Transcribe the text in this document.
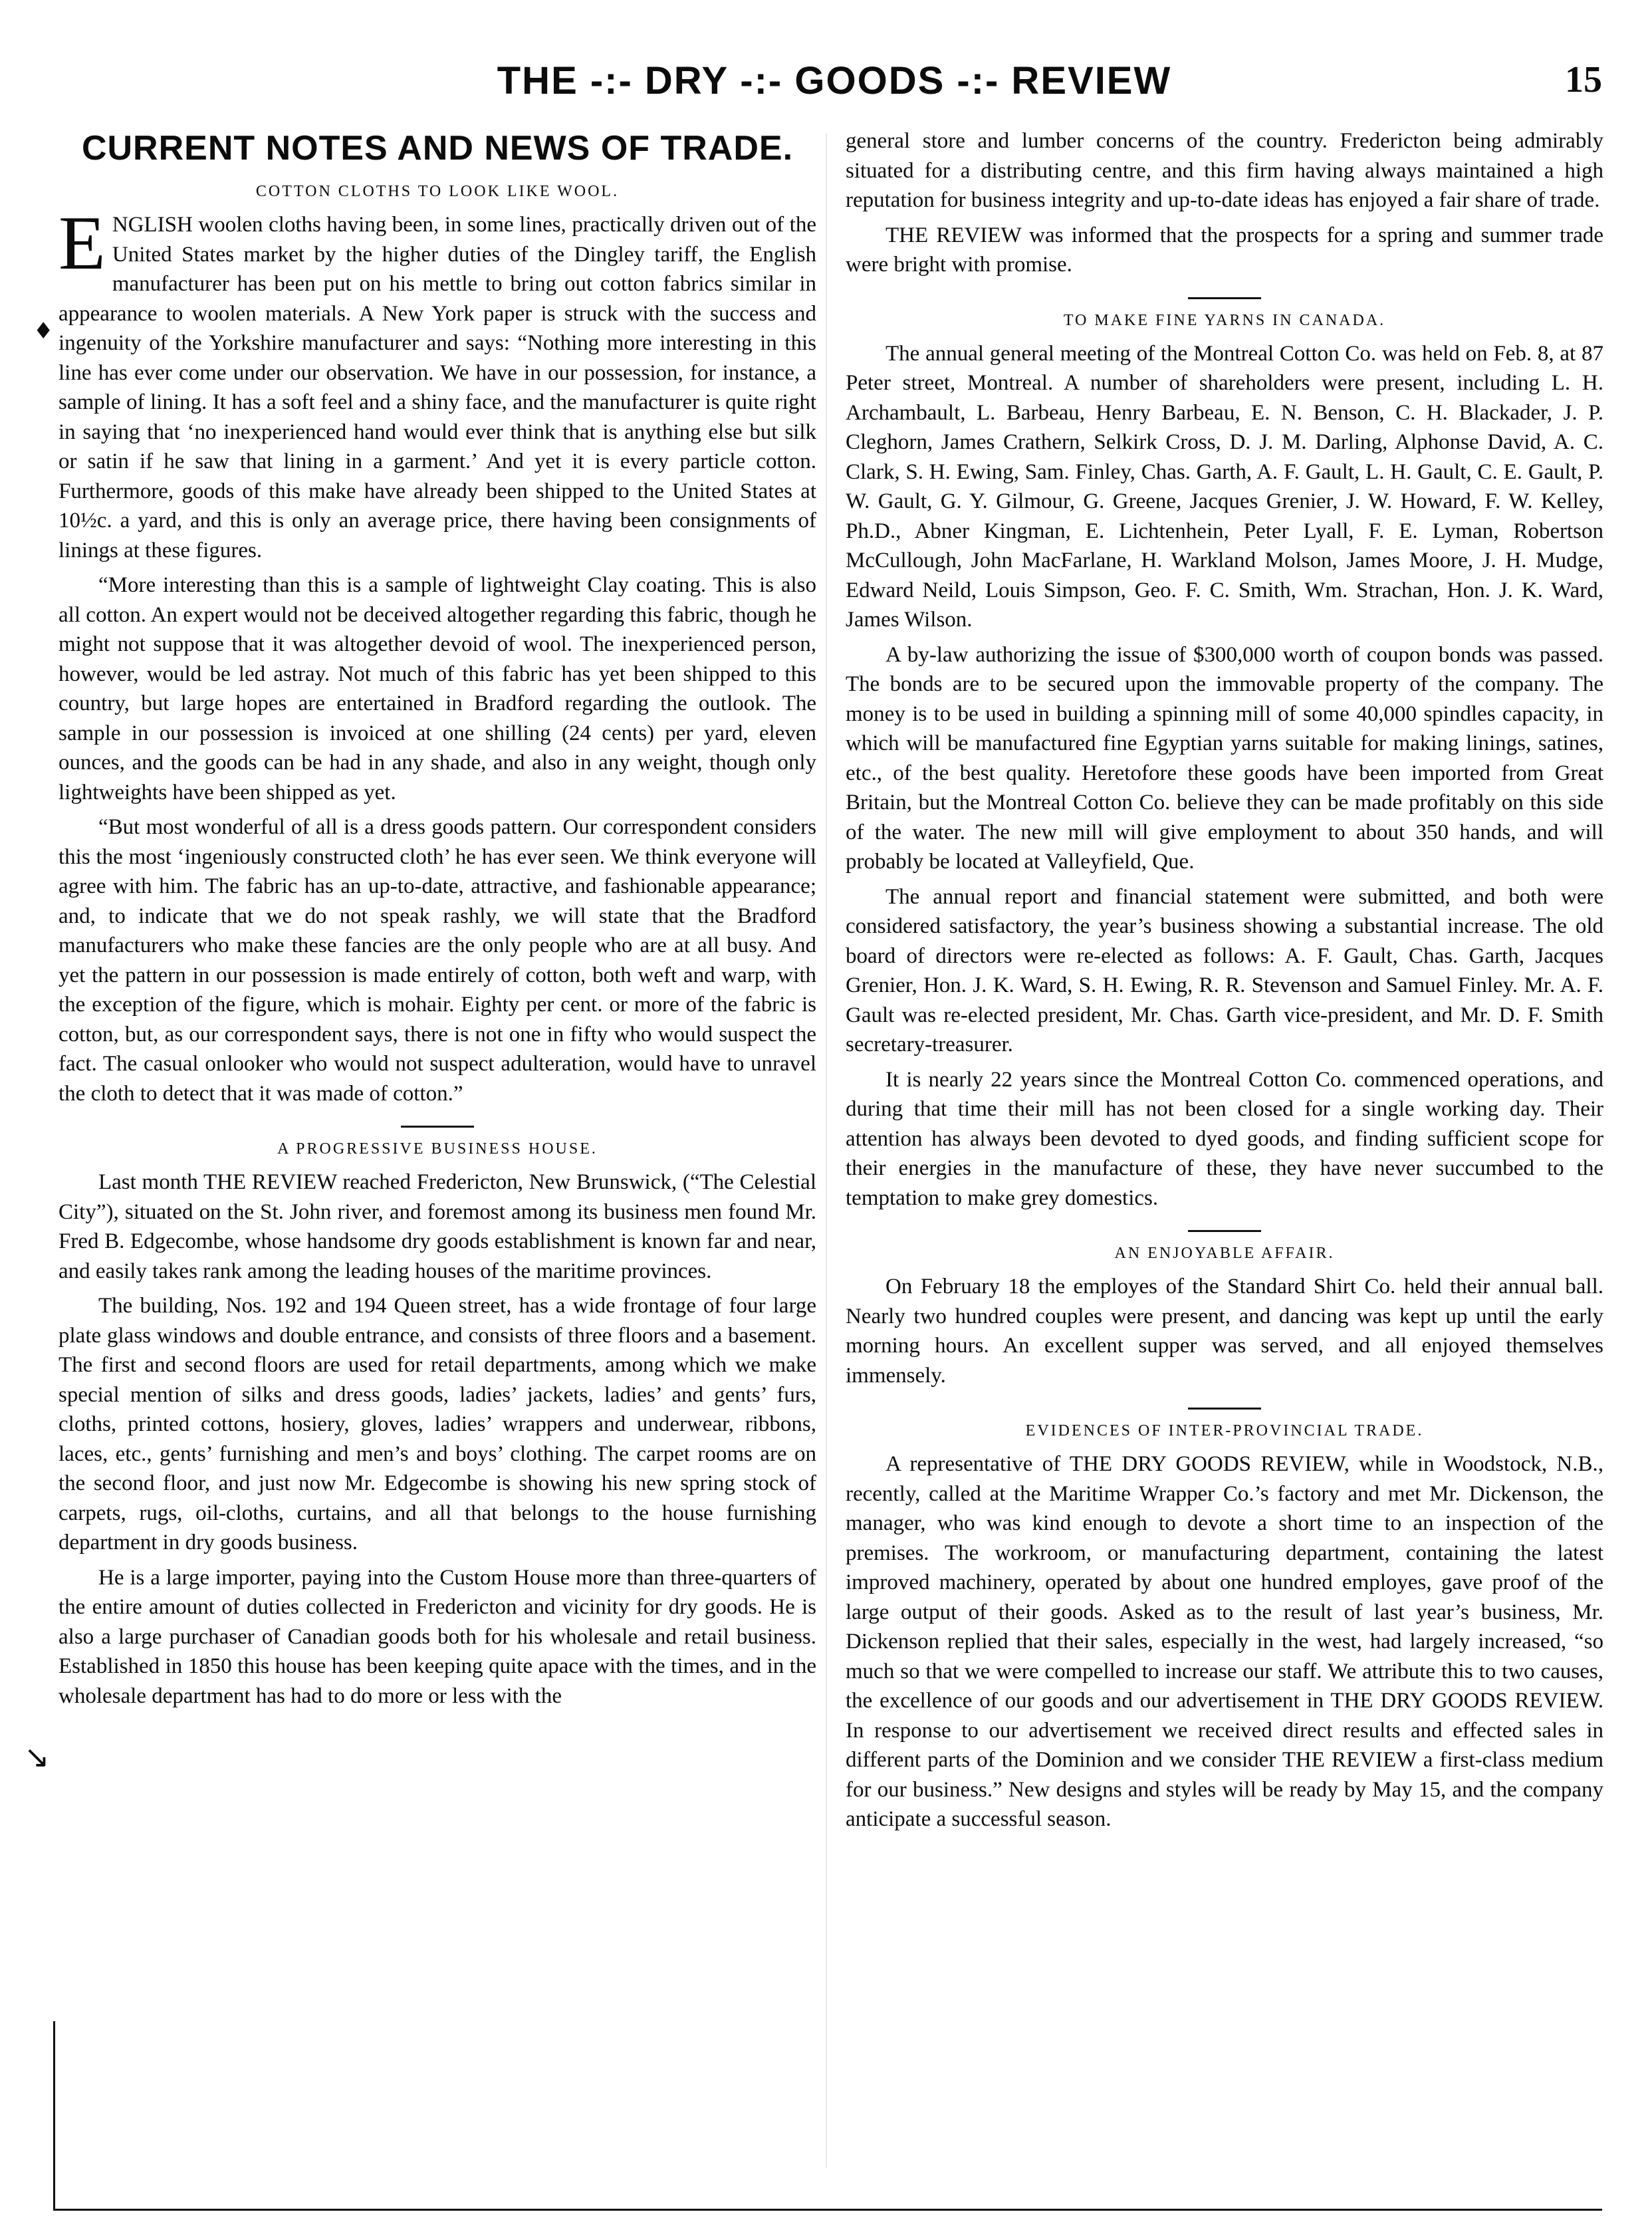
THE -:- DRY -:- GOODS -:- REVIEW	15
♦
↘
CURRENT NOTES AND NEWS OF TRADE.
COTTON CLOTHS TO LOOK LIKE WOOL.

ENGLISH woolen cloths having been, in some lines, practically driven out of the United States market by the higher duties of the Dingley tariff, the English manufacturer has been put on his mettle to bring out cotton fabrics similar in appearance to woolen materials. A New York paper is struck with the success and ingenuity of the Yorkshire manufacturer and says: “Nothing more interesting in this line has ever come under our observation. We have in our possession, for instance, a sample of lining. It has a soft feel and a shiny face, and the manufacturer is quite right in saying that ‘no inexperienced hand would ever think that is anything else but silk or satin if he saw that lining in a garment.’ And yet it is every particle cotton. Furthermore, goods of this make have already been shipped to the United States at 10½c. a yard, and this is only an average price, there having been consignments of linings at these figures.

“More interesting than this is a sample of lightweight Clay coating. This is also all cotton. An expert would not be deceived altogether regarding this fabric, though he might not suppose that it was altogether devoid of wool. The inexperienced person, however, would be led astray. Not much of this fabric has yet been shipped to this country, but large hopes are entertained in Bradford regarding the outlook. The sample in our possession is invoiced at one shilling (24 cents) per yard, eleven ounces, and the goods can be had in any shade, and also in any weight, though only lightweights have been shipped as yet.

“But most wonderful of all is a dress goods pattern. Our correspondent considers this the most ‘ingeniously constructed cloth’ he has ever seen. We think everyone will agree with him. The fabric has an up-to-date, attractive, and fashionable appearance; and, to indicate that we do not speak rashly, we will state that the Bradford manufacturers who make these fancies are the only people who are at all busy. And yet the pattern in our possession is made entirely of cotton, both weft and warp, with the exception of the figure, which is mohair. Eighty per cent. or more of the fabric is cotton, but, as our correspondent says, there is not one in fifty who would suspect the fact. The casual onlooker who would not suspect adulteration, would have to unravel the cloth to detect that it was made of cotton.”

A PROGRESSIVE BUSINESS HOUSE.

Last month THE REVIEW reached Fredericton, New Brunswick, (“The Celestial City”), situated on the St. John river, and foremost among its business men found Mr. Fred B. Edgecombe, whose handsome dry goods establishment is known far and near, and easily takes rank among the leading houses of the maritime provinces.

The building, Nos. 192 and 194 Queen street, has a wide frontage of four large plate glass windows and double entrance, and consists of three floors and a basement. The first and second floors are used for retail departments, among which we make special mention of silks and dress goods, ladies’ jackets, ladies’ and gents’ furs, cloths, printed cottons, hosiery, gloves, ladies’ wrappers and underwear, ribbons, laces, etc., gents’ furnishing and men’s and boys’ clothing. The carpet rooms are on the second floor, and just now Mr. Edgecombe is showing his new spring stock of carpets, rugs, oil-cloths, curtains, and all that belongs to the house furnishing department in dry goods business.

He is a large importer, paying into the Custom House more than three-quarters of the entire amount of duties collected in Fredericton and vicinity for dry goods. He is also a large purchaser of Canadian goods both for his wholesale and retail business. Established in 1850 this house has been keeping quite apace with the times, and in the wholesale department has had to do more or less with the

general store and lumber concerns of the country. Fredericton being admirably situated for a distributing centre, and this firm having always maintained a high reputation for business integrity and up-to-date ideas has enjoyed a fair share of trade.

THE REVIEW was informed that the prospects for a spring and summer trade were bright with promise.

TO MAKE FINE YARNS IN CANADA.

The annual general meeting of the Montreal Cotton Co. was held on Feb. 8, at 87 Peter street, Montreal. A number of shareholders were present, including L. H. Archambault, L. Barbeau, Henry Barbeau, E. N. Benson, C. H. Blackader, J. P. Cleghorn, James Crathern, Selkirk Cross, D. J. M. Darling, Alphonse David, A. C. Clark, S. H. Ewing, Sam. Finley, Chas. Garth, A. F. Gault, L. H. Gault, C. E. Gault, P. W. Gault, G. Y. Gilmour, G. Greene, Jacques Grenier, J. W. Howard, F. W. Kelley, Ph.D., Abner Kingman, E. Lichtenhein, Peter Lyall, F. E. Lyman, Robertson McCullough, John MacFarlane, H. Warkland Molson, James Moore, J. H. Mudge, Edward Neild, Louis Simpson, Geo. F. C. Smith, Wm. Strachan, Hon. J. K. Ward, James Wilson.

A by-law authorizing the issue of $300,000 worth of coupon bonds was passed. The bonds are to be secured upon the immovable property of the company. The money is to be used in building a spinning mill of some 40,000 spindles capacity, in which will be manufactured fine Egyptian yarns suitable for making linings, satines, etc., of the best quality. Heretofore these goods have been imported from Great Britain, but the Montreal Cotton Co. believe they can be made profitably on this side of the water. The new mill will give employment to about 350 hands, and will probably be located at Valleyfield, Que.

The annual report and financial statement were submitted, and both were considered satisfactory, the year’s business showing a substantial increase. The old board of directors were re-elected as follows: A. F. Gault, Chas. Garth, Jacques Grenier, Hon. J. K. Ward, S. H. Ewing, R. R. Stevenson and Samuel Finley. Mr. A. F. Gault was re-elected president, Mr. Chas. Garth vice-president, and Mr. D. F. Smith secretary-treasurer.

It is nearly 22 years since the Montreal Cotton Co. commenced operations, and during that time their mill has not been closed for a single working day. Their attention has always been devoted to dyed goods, and finding sufficient scope for their energies in the manufacture of these, they have never succumbed to the temptation to make grey domestics.

AN ENJOYABLE AFFAIR.

On February 18 the employes of the Standard Shirt Co. held their annual ball. Nearly two hundred couples were present, and dancing was kept up until the early morning hours. An excellent supper was served, and all enjoyed themselves immensely.

EVIDENCES OF INTER-PROVINCIAL TRADE.

A representative of THE DRY GOODS REVIEW, while in Woodstock, N.B., recently, called at the Maritime Wrapper Co.’s factory and met Mr. Dickenson, the manager, who was kind enough to devote a short time to an inspection of the premises. The workroom, or manufacturing department, containing the latest improved machinery, operated by about one hundred employes, gave proof of the large output of their goods. Asked as to the result of last year’s business, Mr. Dickenson replied that their sales, especially in the west, had largely increased, “so much so that we were compelled to increase our staff. We attribute this to two causes, the excellence of our goods and our advertisement in THE DRY GOODS REVIEW. In response to our advertisement we received direct results and effected sales in different parts of the Dominion and we consider THE REVIEW a first-class medium for our business.” New designs and styles will be ready by May 15, and the company anticipate a successful season.
